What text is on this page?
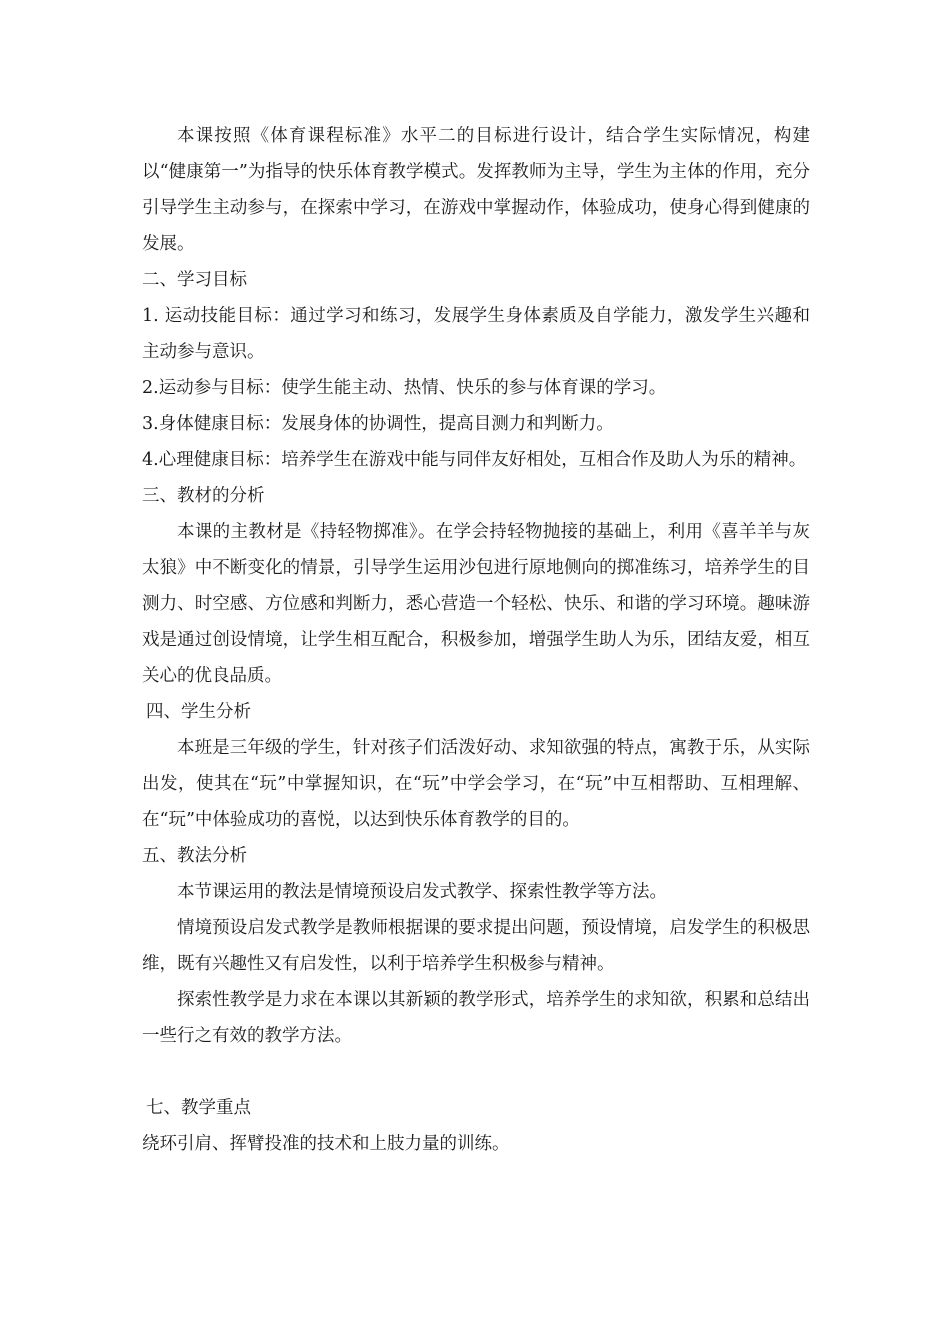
本课按照《体育课程标准》水平二的目标进行设计，结合学生实际情况，构建以“健康第一”为指导的快乐体育教学模式。发挥教师为主导，学生为主体的作用，充分引导学生主动参与，在探索中学习，在游戏中掌握动作，体验成功，使身心得到健康的发展。

二、学习目标

1. 运动技能目标：通过学习和练习，发展学生身体素质及自学能力，激发学生兴趣和主动参与意识。

2.运动参与目标：使学生能主动、热情、快乐的参与体育课的学习。

3.身体健康目标：发展身体的协调性，提高目测力和判断力。

4.心理健康目标：培养学生在游戏中能与同伴友好相处，互相合作及助人为乐的精神。

三、教材的分析

本课的主教材是《持轻物掷准》。在学会持轻物抛接的基础上，利用《喜羊羊与灰太狼》中不断变化的情景，引导学生运用沙包进行原地侧向的掷准练习，培养学生的目测力、时空感、方位感和判断力，悉心营造一个轻松、快乐、和谐的学习环境。趣味游戏是通过创设情境，让学生相互配合，积极参加，增强学生助人为乐，团结友爱，相互关心的优良品质。

四、学生分析

本班是三年级的学生，针对孩子们活泼好动、求知欲强的特点，寓教于乐，从实际出发，使其在“玩”中掌握知识，在“玩”中学会学习，在“玩”中互相帮助、互相理解、在“玩”中体验成功的喜悦，以达到快乐体育教学的目的。

五、教法分析

本节课运用的教法是情境预设启发式教学、探索性教学等方法。

情境预设启发式教学是教师根据课的要求提出问题，预设情境，启发学生的积极思维，既有兴趣性又有启发性，以利于培养学生积极参与精神。

探索性教学是力求在本课以其新颖的教学形式，培养学生的求知欲，积累和总结出一些行之有效的教学方法。

七、教学重点

绕环引肩、挥臂投准的技术和上肢力量的训练。
